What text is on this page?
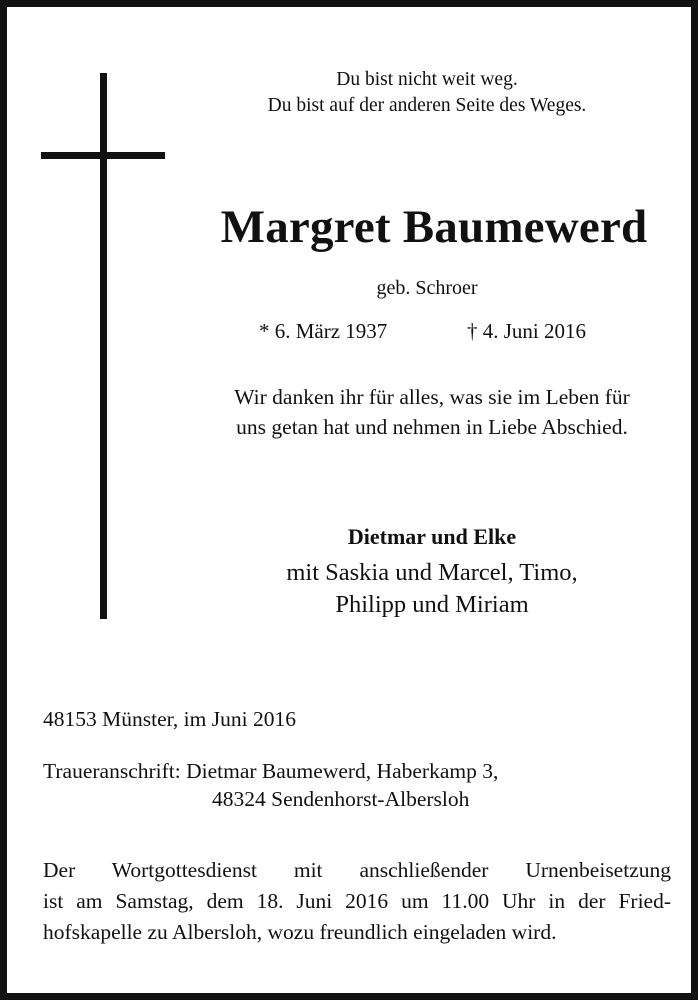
Du bist nicht weit weg.
Du bist auf der anderen Seite des Weges.
Margret Baumewerd
geb. Schroer
* 6. März 1937	† 4. Juni 2016
Wir danken ihr für alles, was sie im Leben für
uns getan hat und nehmen in Liebe Abschied.
Dietmar und Elke
mit Saskia und Marcel, Timo,
Philipp und Miriam
48153 Münster, im Juni 2016
Traueranschrift: Dietmar Baumewerd, Haberkamp 3,
48324 Sendenhorst-Albersloh
Der Wortgottesdienst mit anschließender Urnenbeisetzung
ist am Samstag, dem 18. Juni 2016 um 11.00 Uhr in der Fried-
hofskapelle zu Albersloh, wozu freundlich eingeladen wird.
